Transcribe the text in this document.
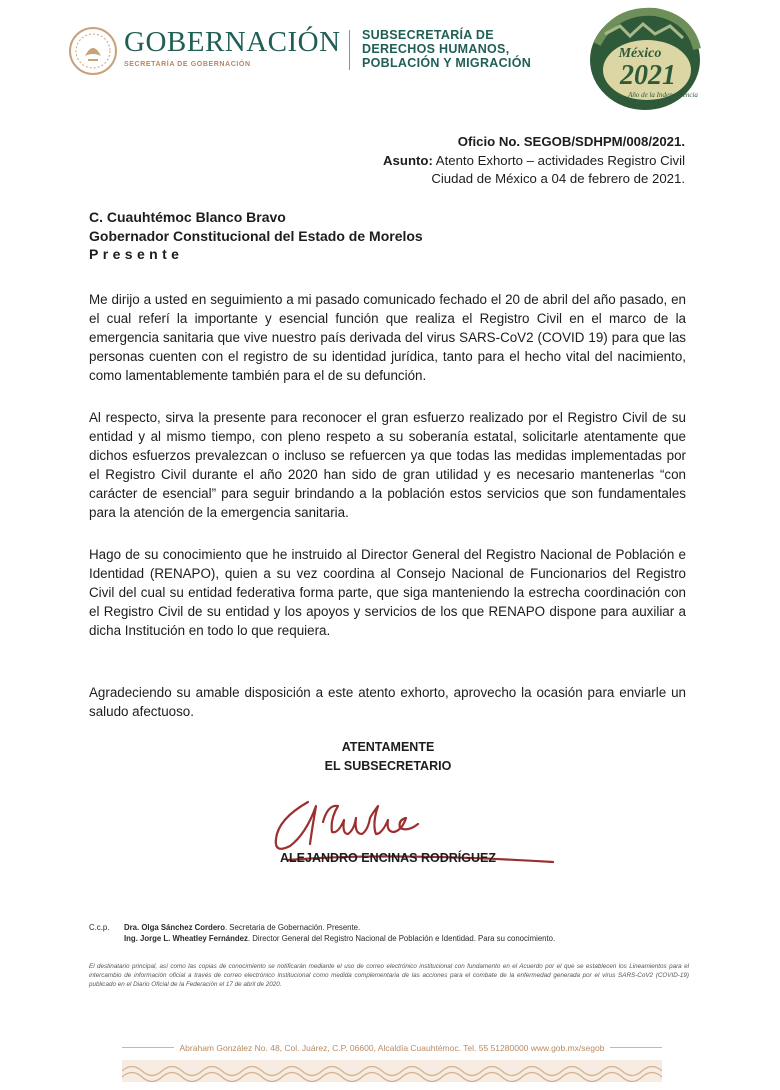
GOBERNACIÓN
SECRETARÍA DE GOBERNACIÓN
SUBSECRETARÍA DE
DERECHOS HUMANOS,
POBLACIÓN Y MIGRACIÓN
México
2021
Año de la Independencia
Oficio No. SEGOB/SDHPM/008/2021.
Asunto: Atento Exhorto – actividades Registro Civil
Ciudad de México a 04 de febrero de 2021.
C. Cuauhtémoc Blanco Bravo
Gobernador Constitucional del Estado de Morelos
Presente

Me dirijo a usted en seguimiento a mi pasado comunicado fechado el 20 de abril del año pasado, en el cual referí la importante y esencial función que realiza el Registro Civil en el marco de la emergencia sanitaria que vive nuestro país derivada del virus SARS-CoV2 (COVID 19) para que las personas cuenten con el registro de su identidad jurídica, tanto para el hecho vital del nacimiento, como lamentablemente también para el de su defunción.

Al respecto, sirva la presente para reconocer el gran esfuerzo realizado por el Registro Civil de su entidad y al mismo tiempo, con pleno respeto a su soberanía estatal, solicitarle atentamente que dichos esfuerzos prevalezcan o incluso se refuercen ya que todas las medidas implementadas por el Registro Civil durante el año 2020 han sido de gran utilidad y es necesario mantenerlas “con carácter de esencial” para seguir brindando a la población estos servicios que son fundamentales para la atención de la emergencia sanitaria.

Hago de su conocimiento que he instruido al Director General del Registro Nacional de Población e Identidad (RENAPO), quien a su vez coordina al Consejo Nacional de Funcionarios del Registro Civil del cual su entidad federativa forma parte, que siga manteniendo la estrecha coordinación con el Registro Civil de su entidad y los apoyos y servicios de los que RENAPO dispone para auxiliar a dicha Institución en todo lo que requiera.

Agradeciendo su amable disposición a este atento exhorto, aprovecho la ocasión para enviarle un saludo afectuoso.

ATENTAMENTE
EL SUBSECRETARIO
ALEJANDRO ENCINAS RODRÍGUEZ
C.c.p. Dra. Olga Sánchez Cordero. Secretaria de Gobernación. Presente.
Ing. Jorge L. Wheatley Fernández. Director General del Registro Nacional de Población e Identidad. Para su conocimiento.
El destinatario principal, así como las copias de conocimiento se notificarán mediante el uso de correo electrónico institucional con fundamento en el Acuerdo por el que se establecen los Lineamientos para el intercambio de información oficial a través de correo electrónico institucional como medida complementaria de las acciones para el combate de la enfermedad generada por el virus SARS-CoV2 (COVID-19) publicado en el Diario Oficial de la Federación el 17 de abril de 2020.
Abraham González No. 48, Col. Juárez, C.P. 06600, Alcaldía Cuauhtémoc. Tel. 55 51280000 www.gob.mx/segob
